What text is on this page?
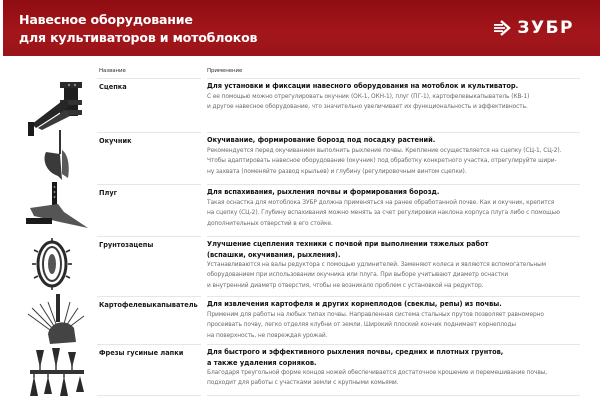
Навесное оборудование
для культиваторов и мотоблоков	ЗУБР
Название	Применение
Сцепка	Для установки и фиксации навесного оборудования на мотоблок и культиватор.
С ее помощью можно отрегулировать окучник (ОК-1, ОКН-1), плуг (ПГ-1), картофелевыкапыватель (КВ-1)
и другое навесное оборудование, что значительно увеличивает их функциональность и эффективность.
Окучник	Окучивание, формирование борозд под посадку растений.
Рекомендуется перед окучиванием выполнить рыхление почвы. Крепление осуществляется на сцепку (СЦ-1, СЦ-2).
Чтобы адаптировать навесное оборудование (окучник) под обработку конкретного участка, отрегулируйте шири-
ну захвата (поменяйте развод крыльев) и глубину (регулировочным винтом сцепки).
Плуг	Для вспахивания, рыхления почвы и формирования борозд.
Такая оснастка для мотоблока ЗУБР должна применяться на ранее обработанной почве. Как и окучник, крепится
на сцепку (СЦ-2). Глубину вспахивания можно менять за счет регулировки наклона корпуса плуга либо с помощью
дополнительных отверстий в его стойке.
Грунтозацепы	Улучшение сцепления техники с почвой при выполнении тяжелых работ
(вспашки, окучивания, рыхления).
Устанавливаются на валы редуктора с помощью удлинителей. Заменяют колеса и являются вспомогательным
оборудованием при использовании окучника или плуга. При выборе учитывают диаметр оснастки
и внутренний диаметр отверстия, чтобы не возникало проблем с установкой на редуктор.
Картофелевыкапыватель Для извлечения картофеля и других корнеплодов (свеклы, репы) из почвы.
Применим для работы на любых типах почвы. Направленная система стальных прутов позволяет равномерно
просеивать почву, легко отделяя клубни от земли. Широкий плоский кончик поднимает корнеплоды
на поверхность, не повреждая урожай.
Фрезы гусиные лапки	Для быстрого и эффективного рыхления почвы, средних и плотных грунтов,
а также удаления сорняков.
Благодаря треугольной форме концов ножей обеспечивается достаточное крошение и перемешивание почвы,
подходит для работы с участками земли с крупными комьями.
